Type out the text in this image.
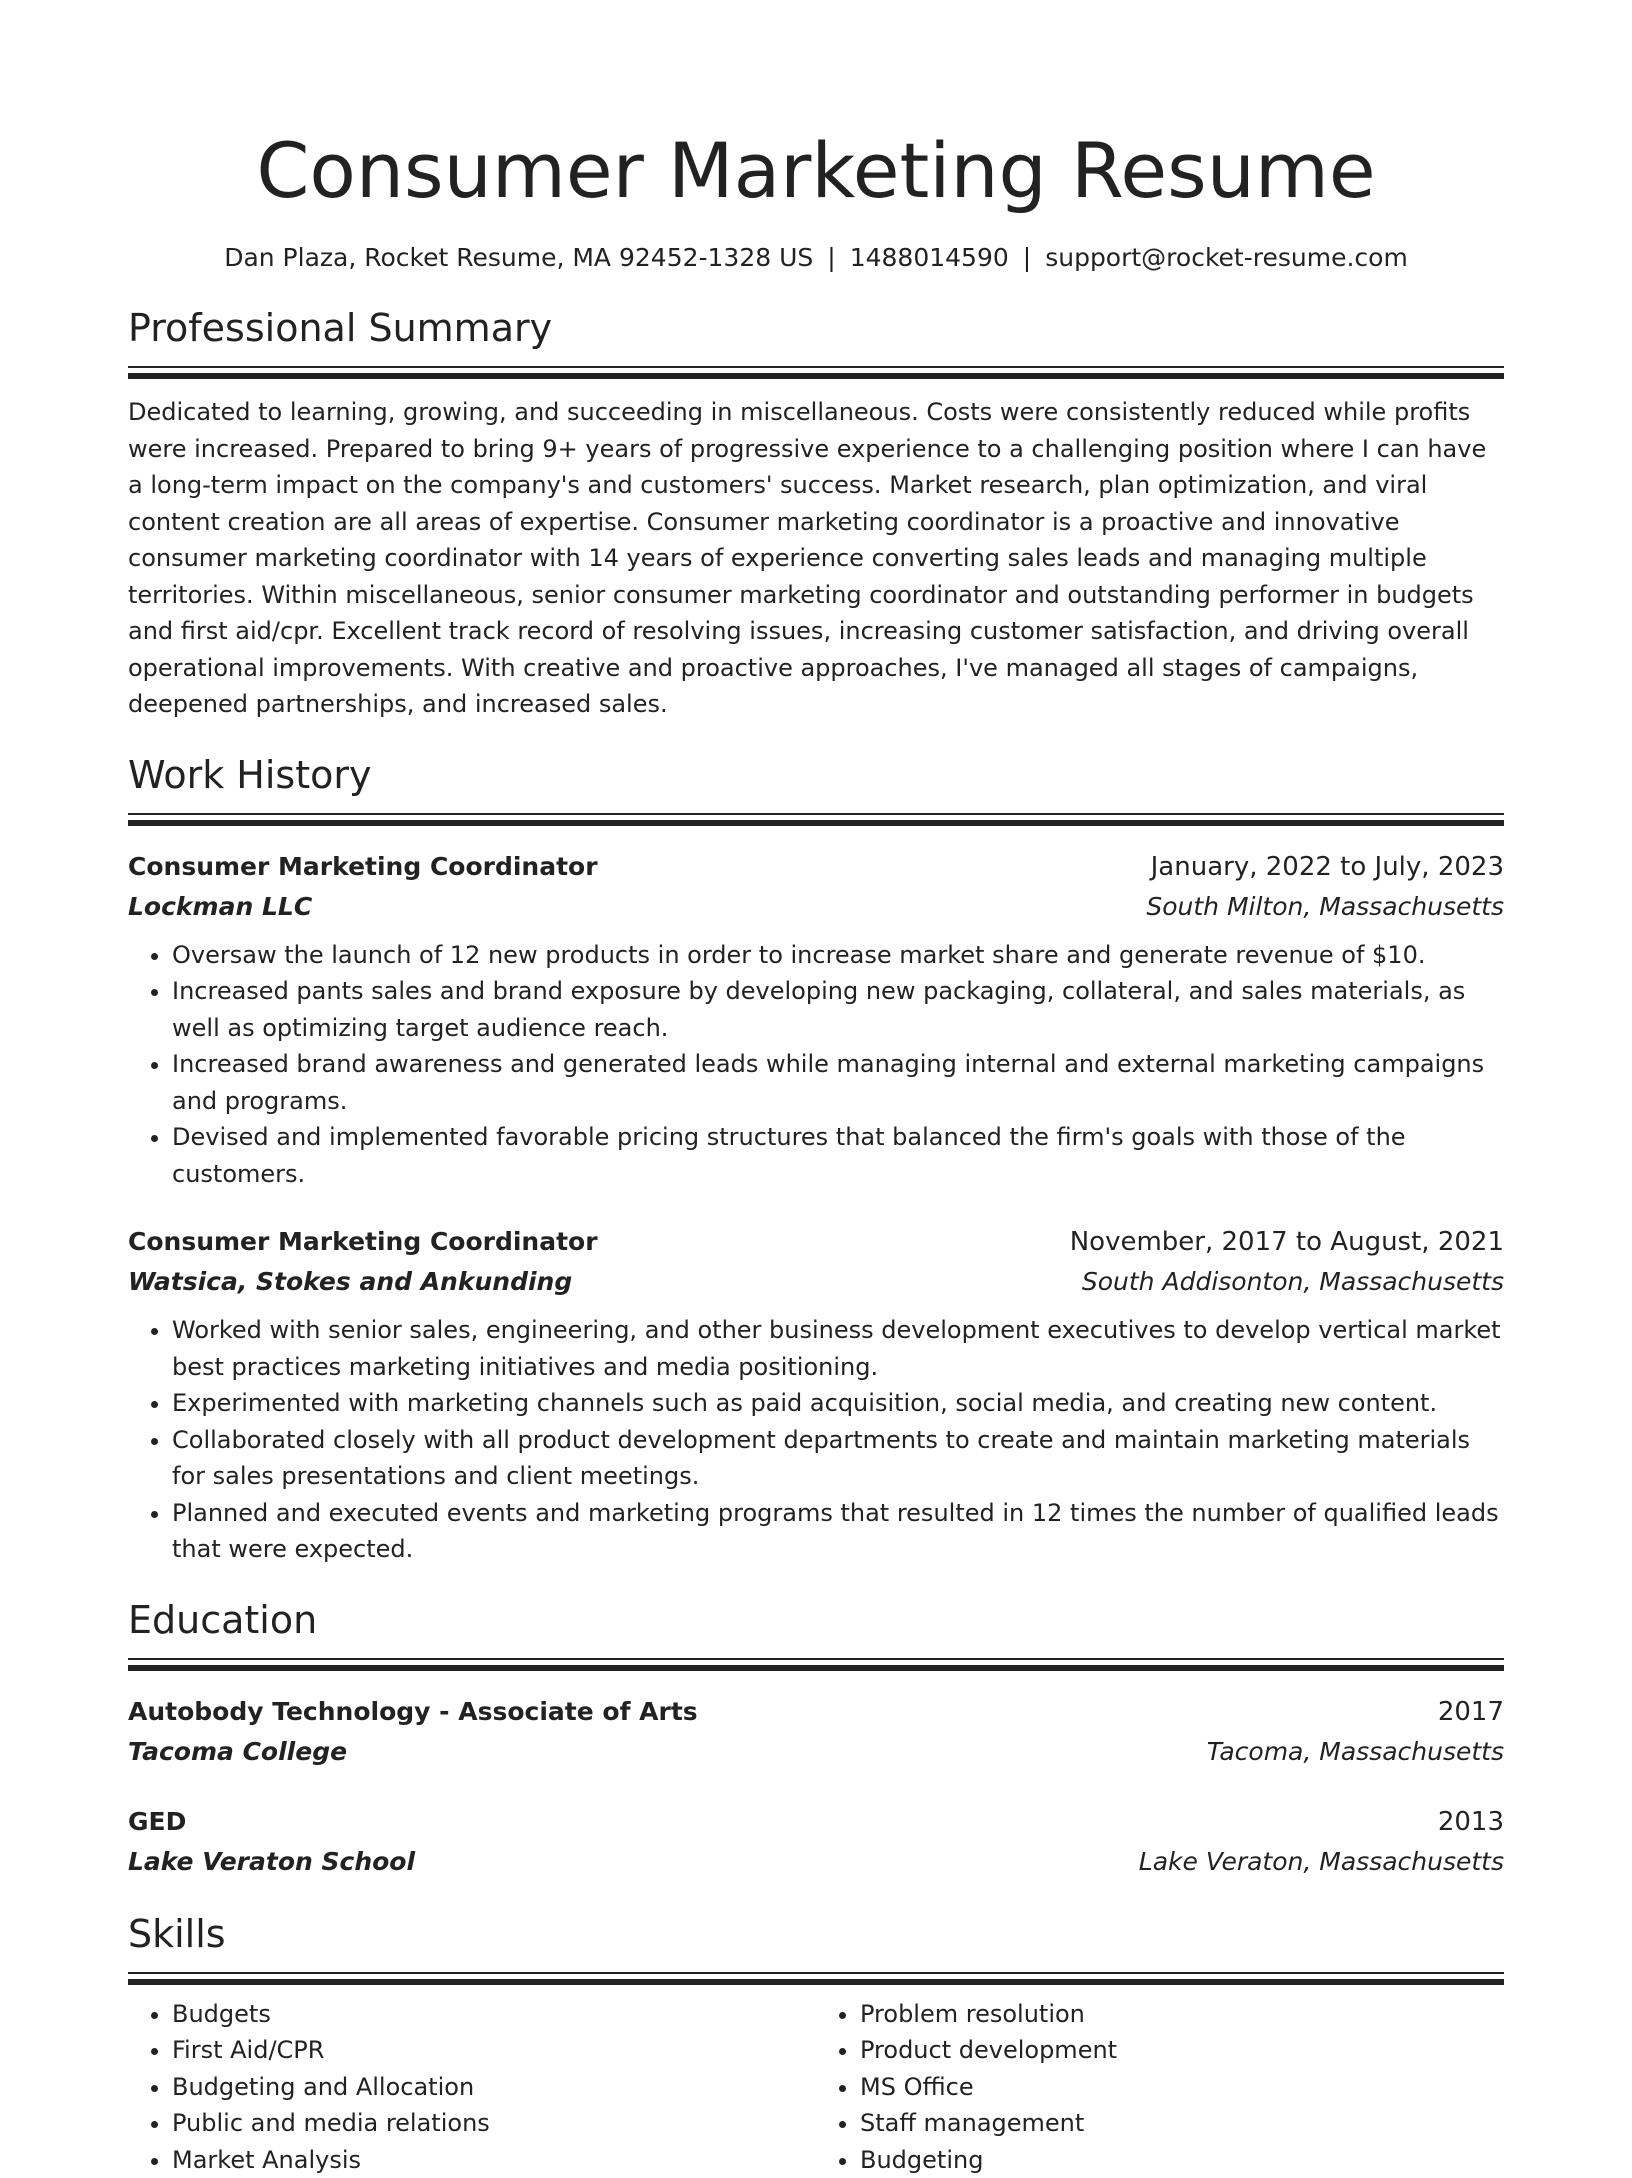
Consumer Marketing Resume
Dan Plaza, Rocket Resume, MA 92452-1328 US | 1488014590 | support@rocket-resume.com
Professional Summary

Dedicated to learning, growing, and succeeding in miscellaneous. Costs were consistently reduced while profits were increased. Prepared to bring 9+ years of progressive experience to a challenging position where I can have a long-term impact on the company's and customers' success. Market research, plan optimization, and viral content creation are all areas of expertise. Consumer marketing coordinator is a proactive and innovative consumer marketing coordinator with 14 years of experience converting sales leads and managing multiple territories. Within miscellaneous, senior consumer marketing coordinator and outstanding performer in budgets and first aid/cpr. Excellent track record of resolving issues, increasing customer satisfaction, and driving overall operational improvements. With creative and proactive approaches, I've managed all stages of campaigns, deepened partnerships, and increased sales.

Work History
Consumer Marketing Coordinator	January, 2022 to July, 2023
Lockman LLC	South Milton, Massachusetts
• Oversaw the launch of 12 new products in order to increase market share and generate revenue of $10.
• Increased pants sales and brand exposure by developing new packaging, collateral, and sales materials, as well as optimizing target audience reach.
• Increased brand awareness and generated leads while managing internal and external marketing campaigns and programs.
• Devised and implemented favorable pricing structures that balanced the firm's goals with those of the customers.
Consumer Marketing Coordinator	November, 2017 to August, 2021
Watsica, Stokes and Ankunding	South Addisonton, Massachusetts
• Worked with senior sales, engineering, and other business development executives to develop vertical market best practices marketing initiatives and media positioning.
• Experimented with marketing channels such as paid acquisition, social media, and creating new content.
• Collaborated closely with all product development departments to create and maintain marketing materials for sales presentations and client meetings.
• Planned and executed events and marketing programs that resulted in 12 times the number of qualified leads that were expected.
Education
Autobody Technology - Associate of Arts	2017
Tacoma College	Tacoma, Massachusetts
GED	2013
Lake Veraton School	Lake Veraton, Massachusetts
Skills
• Budgets
• First Aid/CPR
• Budgeting and Allocation
• Public and media relations
• Market Analysis
• Problem resolution
• Product development
• MS Office
• Staff management
• Budgeting
